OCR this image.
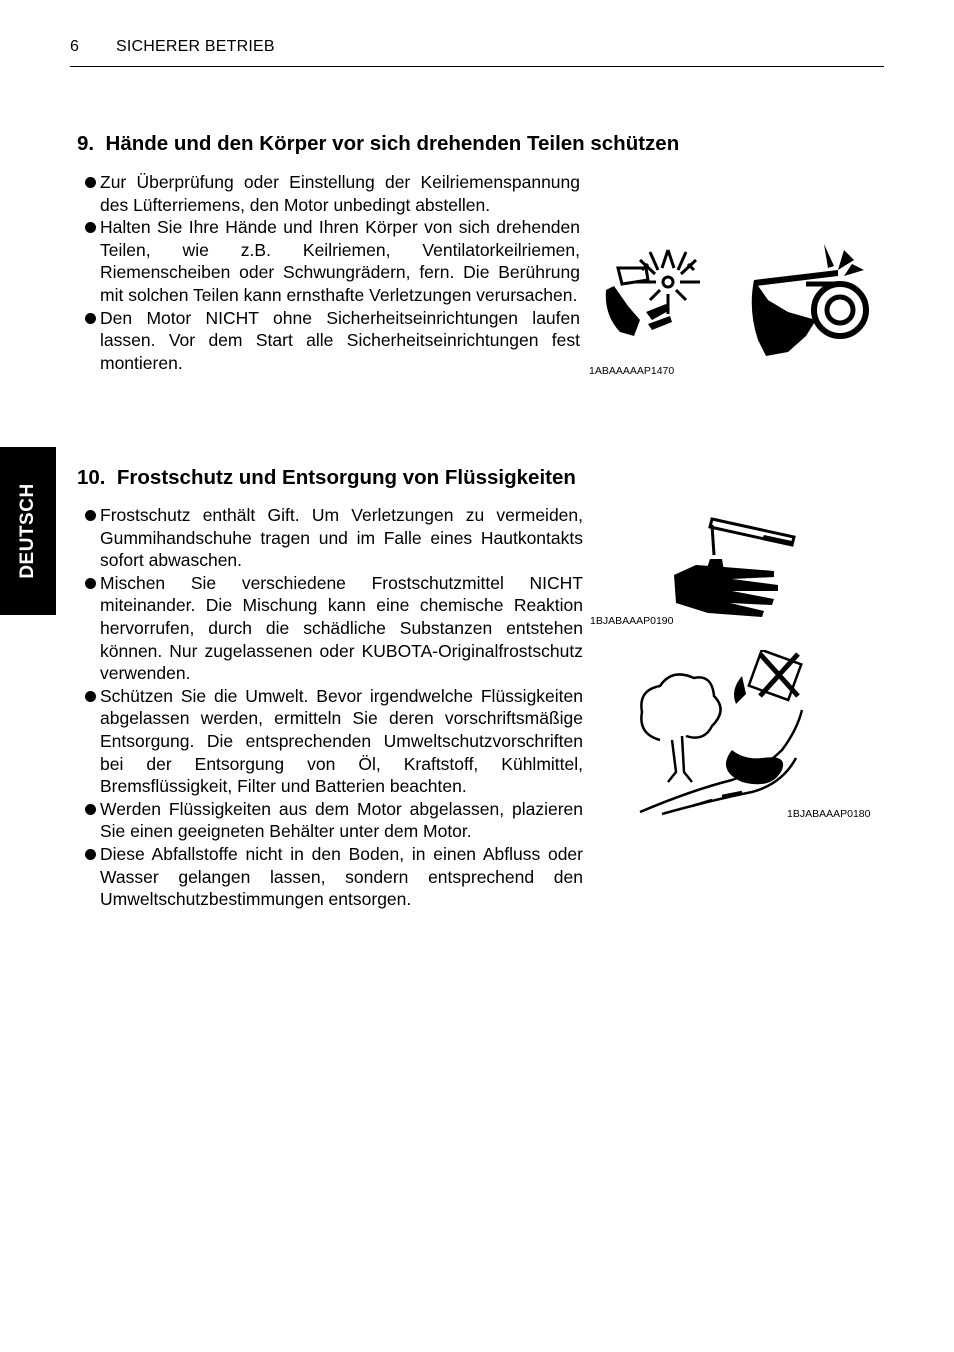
6 SICHERER BETRIEB
DEUTSCH
9. Hände und den Körper vor sich drehenden Teilen schützen
Zur Überprüfung oder Einstellung der Keilriemenspannung des Lüfterriemens, den Motor unbedingt abstellen.
Halten Sie Ihre Hände und Ihren Körper von sich drehenden Teilen, wie z.B. Keilriemen, Ventilatorkeilriemen, Riemenscheiben oder Schwungrädern, fern. Die Berührung mit solchen Teilen kann ernsthafte Verletzungen verursachen.
Den Motor NICHT ohne Sicherheitseinrichtungen laufen lassen. Vor dem Start alle Sicherheitseinrichtungen fest montieren.	1ABAAAAAP1470
10. Frostschutz und Entsorgung von Flüssigkeiten
Frostschutz enthält Gift. Um Verletzungen zu vermeiden, Gummihandschuhe tragen und im Falle eines Hautkontakts sofort abwaschen.
Mischen Sie verschiedene Frostschutzmittel NICHT miteinander. Die Mischung kann eine chemische Reaktion hervorrufen, durch die schädliche Substanzen entstehen können. Nur zugelassenen oder KUBOTA-Originalfrostschutz verwenden.
Schützen Sie die Umwelt. Bevor irgendwelche Flüssigkeiten abgelassen werden, ermitteln Sie deren vorschriftsmäßige Entsorgung. Die entsprechenden Umweltschutzvorschriften bei der Entsorgung von Öl, Kraftstoff, Kühlmittel, Bremsflüssigkeit, Filter und Batterien beachten.
Werden Flüssigkeiten aus dem Motor abgelassen, plazieren Sie einen geeigneten Behälter unter dem Motor.
Diese Abfallstoffe nicht in den Boden, in einen Abfluss oder Wasser gelangen lassen, sondern entsprechend den Umweltschutzbestimmungen entsorgen.
1BJABAAAP0190
1BJABAAAP0180
